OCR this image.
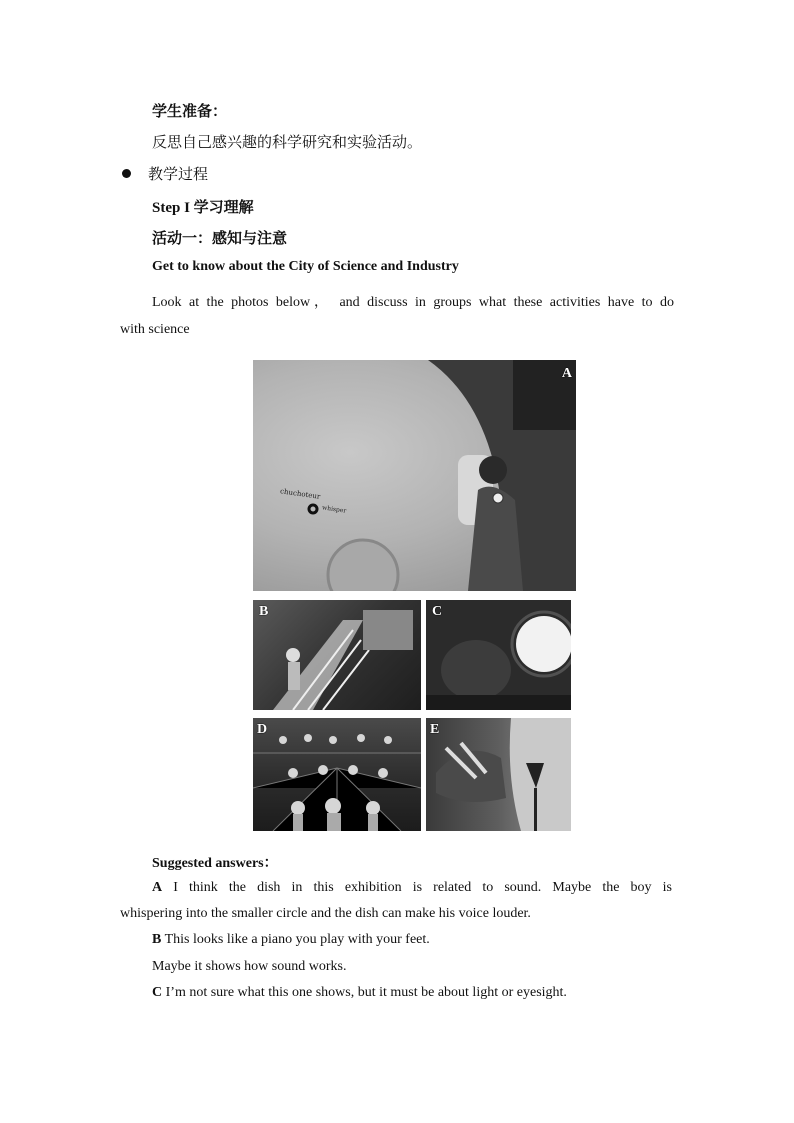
学生准备：
反思自己感兴趣的科学研究和实验活动。
教学过程
Step I 学习理解
活动一：感知与注意
Get to know about the City of Science and Industry
Look at the photos below， and discuss in groups what these activities have to do
with science
chuchoteur
whisper
A
B	C
D	E
Suggested answers：
A I think the dish in this exhibition is related to sound. Maybe the boy is
whispering into the smaller circle and the dish can make his voice louder.
B This looks like a piano you play with your feet.
Maybe it shows how sound works.
C I’m not sure what this one shows, but it must be about light or eyesight.
